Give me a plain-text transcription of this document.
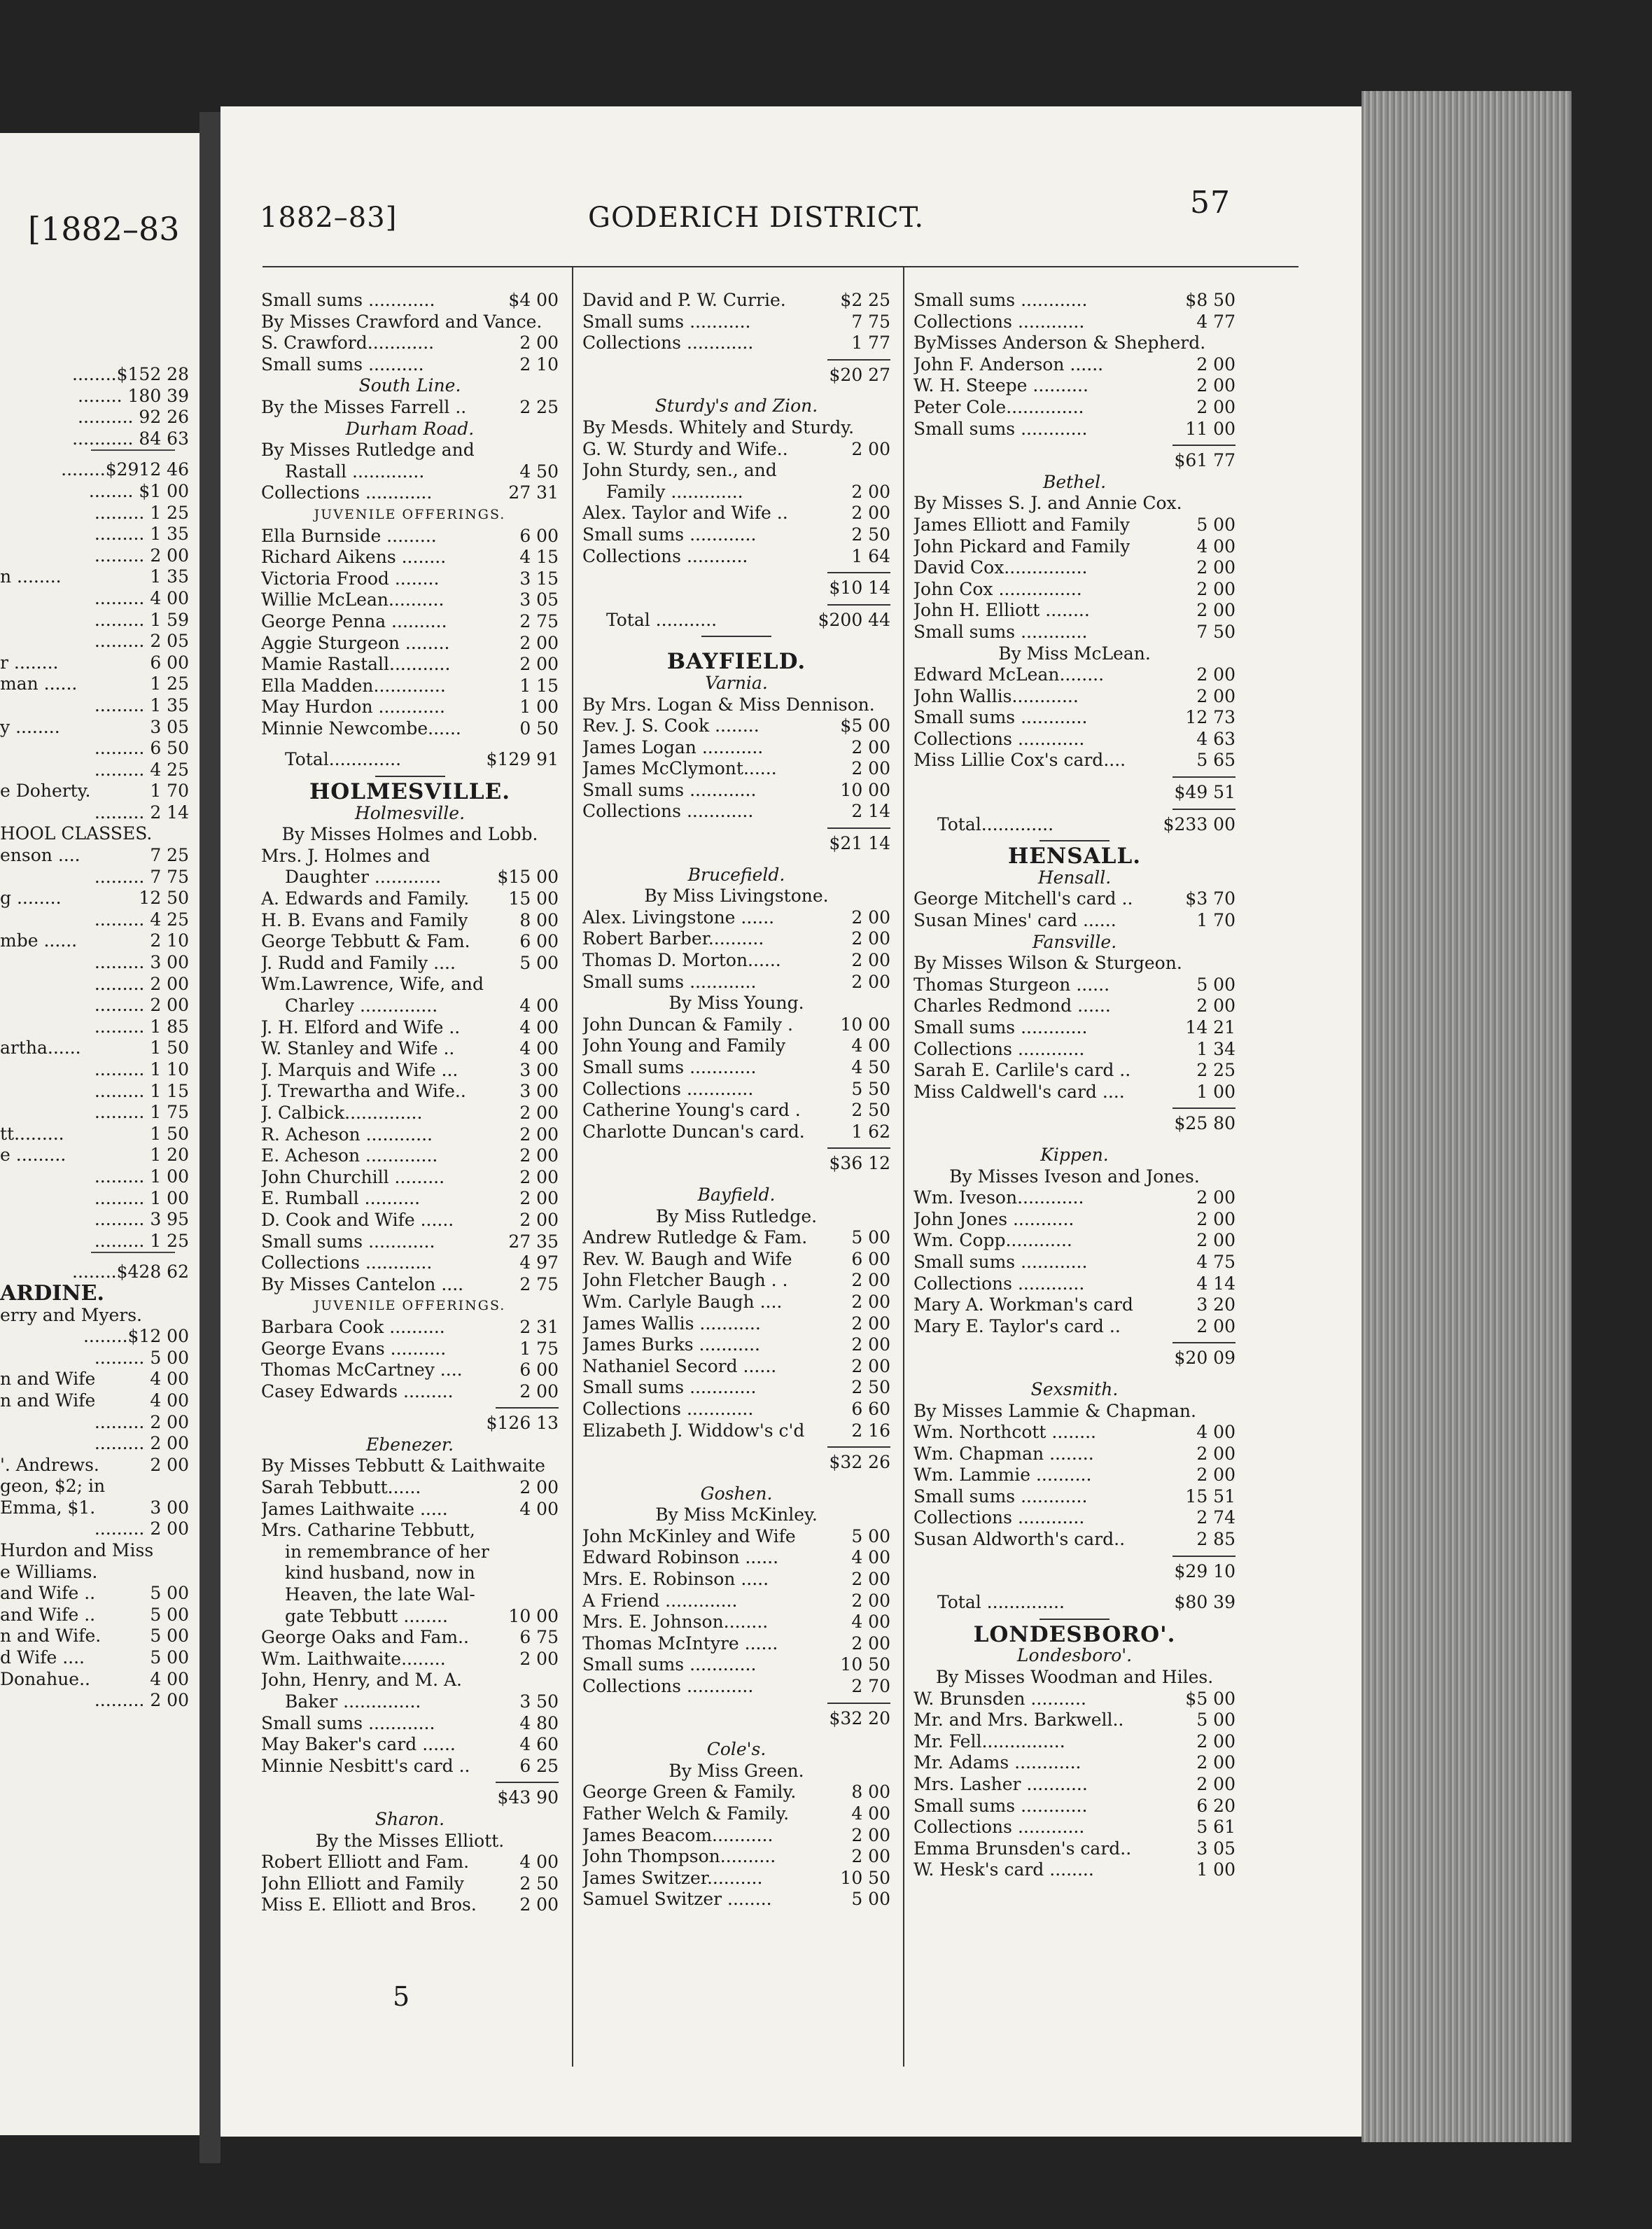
[1882–83
........$152 28
........ 180 39
.......... 92 26
........... 84 63
........$2912 46
........ $1 00
......... 1 25
......... 1 35
......... 2 00
n ........	1 35
......... 4 00
......... 1 59
......... 2 05
r ........	6 00
man ......	1 25
......... 1 35
y ........	3 05
......... 6 50
......... 4 25
e Doherty.	1 70
......... 2 14
HOOL CLASSES.
enson ....	7 25
......... 7 75
g ........	12 50
......... 4 25
mbe ......	2 10
......... 3 00
......... 2 00
......... 2 00
......... 1 85
artha......	1 50
......... 1 10
......... 1 15
......... 1 75
tt.........	1 50
e .........	1 20
......... 1 00
......... 1 00
......... 3 95
......... 1 25
........$428 62
ARDINE.
erry and Myers.
........$12 00
......... 5 00
n and Wife	4 00
n and Wife	4 00
......... 2 00
......... 2 00
'. Andrews.	2 00
geon, $2; in
Emma, $1.	3 00
......... 2 00
Hurdon and Miss
e Williams.
and Wife ..	5 00
and Wife ..	5 00
n and Wife.	5 00
d Wife ....	5 00
Donahue..	4 00
......... 2 00
1882–83]	GODERICH DISTRICT.	57
Small sums ............	$4 00
By Misses Crawford and Vance.
S. Crawford............	2 00
Small sums ..........	2 10
South Line.
By the Misses Farrell ..	2 25
Durham Road.
By Misses Rutledge and
Rastall .............	4 50
Collections ............	27 31
JUVENILE OFFERINGS.
Ella Burnside .........	6 00
Richard Aikens ........	4 15
Victoria Frood ........	3 15
Willie McLean..........	3 05
George Penna ..........	2 75
Aggie Sturgeon ........	2 00
Mamie Rastall...........	2 00
Ella Madden.............	1 15
May Hurdon ............	1 00
Minnie Newcombe......	0 50
Total.............	$129 91
HOLMESVILLE.
Holmesville.
By Misses Holmes and Lobb.
Mrs. J. Holmes and
Daughter ............	$15 00
A. Edwards and Family. 15 00
H. B. Evans and Family	8 00
George Tebbutt & Fam.	6 00
J. Rudd and Family ....	5 00
Wm.Lawrence, Wife, and
Charley ..............	4 00
J. H. Elford and Wife ..	4 00
W. Stanley and Wife ..	4 00
J. Marquis and Wife ...	3 00
J. Trewartha and Wife..	3 00
J. Calbick..............	2 00
R. Acheson ............	2 00
E. Acheson .............	2 00
John Churchill .........	2 00
E. Rumball ..........	2 00
D. Cook and Wife ......	2 00
Small sums ............	27 35
Collections ............	4 97
By Misses Cantelon ....	2 75
JUVENILE OFFERINGS.
Barbara Cook ..........	2 31
George Evans ..........	1 75
Thomas McCartney ....	6 00
Casey Edwards .........	2 00
$126 13
Ebenezer.
By Misses Tebbutt & Laithwaite
Sarah Tebbutt......	2 00
James Laithwaite .....	4 00
Mrs. Catharine Tebbutt,
in remembrance of her
kind husband, now in
Heaven, the late Wal-
gate Tebbutt ........	10 00
George Oaks and Fam..	6 75
Wm. Laithwaite........	2 00
John, Henry, and M. A.
Baker ..............	3 50
Small sums ............	4 80
May Baker's card ......	4 60
Minnie Nesbitt's card ..	6 25
$43 90
Sharon.
By the Misses Elliott.
Robert Elliott and Fam.	4 00
John Elliott and Family	2 50
Miss E. Elliott and Bros. 2 00
David and P. W. Currie.	$2 25
Small sums ...........	7 75
Collections ............	1 77
$20 27
Sturdy's and Zion.
By Mesds. Whitely and Sturdy.
G. W. Sturdy and Wife..	2 00
John Sturdy, sen., and
Family .............	2 00
Alex. Taylor and Wife ..	2 00
Small sums ............	2 50
Collections ...........	1 64
$10 14
Total ...........	$200 44
BAYFIELD.
Varnia.
By Mrs. Logan & Miss Dennison.
Rev. J. S. Cook ........	$5 00
James Logan ...........	2 00
James McClymont......	2 00
Small sums ............	10 00
Collections ............	2 14
$21 14
Brucefield.
By Miss Livingstone.
Alex. Livingstone ......	2 00
Robert Barber..........	2 00
Thomas D. Morton......	2 00
Small sums ............	2 00
By Miss Young.
John Duncan & Family .	10 00
John Young and Family	4 00
Small sums ............	4 50
Collections ............	5 50
Catherine Young's card .	2 50
Charlotte Duncan's card.	1 62
$36 12
Bayfield.
By Miss Rutledge.
Andrew Rutledge & Fam.	5 00
Rev. W. Baugh and Wife	6 00
John Fletcher Baugh . .	2 00
Wm. Carlyle Baugh ....	2 00
James Wallis ...........	2 00
James Burks ...........	2 00
Nathaniel Secord ......	2 00
Small sums ............	2 50
Collections ............	6 60
Elizabeth J. Widdow's c'd	2 16
$32 26
Goshen.
By Miss McKinley.
John McKinley and Wife	5 00
Edward Robinson ......	4 00
Mrs. E. Robinson .....	2 00
A Friend .............	2 00
Mrs. E. Johnson........	4 00
Thomas McIntyre ......	2 00
Small sums ............	10 50
Collections ............	2 70
$32 20
Cole's.
By Miss Green.
George Green & Family.	8 00
Father Welch & Family.	4 00
James Beacom...........	2 00
John Thompson..........	2 00
James Switzer..........	10 50
Samuel Switzer ........	5 00
Small sums ............	$8 50
Collections ............	4 77
ByMisses Anderson & Shepherd.
John F. Anderson ......	2 00
W. H. Steepe ..........	2 00
Peter Cole..............	2 00
Small sums ............	11 00
$61 77
Bethel.
By Misses S. J. and Annie Cox.
James Elliott and Family	5 00
John Pickard and Family	4 00
David Cox...............	2 00
John Cox ...............	2 00
John H. Elliott ........	2 00
Small sums ............	7 50
By Miss McLean.
Edward McLean........	2 00
John Wallis............	2 00
Small sums ............	12 73
Collections ............	4 63
Miss Lillie Cox's card....	5 65
$49 51
Total.............	$233 00
HENSALL.
Hensall.
George Mitchell's card ..	$3 70
Susan Mines' card ......	1 70
Fansville.
By Misses Wilson & Sturgeon.
Thomas Sturgeon ......	5 00
Charles Redmond ......	2 00
Small sums ............	14 21
Collections ............	1 34
Sarah E. Carlile's card ..	2 25
Miss Caldwell's card ....	1 00
$25 80
Kippen.
By Misses Iveson and Jones.
Wm. Iveson............	2 00
John Jones ...........	2 00
Wm. Copp............	2 00
Small sums ............	4 75
Collections ............	4 14
Mary A. Workman's card	3 20
Mary E. Taylor's card ..	2 00
$20 09
Sexsmith.
By Misses Lammie & Chapman.
Wm. Northcott ........	4 00
Wm. Chapman ........	2 00
Wm. Lammie ..........	2 00
Small sums ............	15 51
Collections ............	2 74
Susan Aldworth's card..	2 85
$29 10
Total ..............	$80 39
LONDESBORO'.
Londesboro'.
By Misses Woodman and Hiles.
W. Brunsden ..........	$5 00
Mr. and Mrs. Barkwell..	5 00
Mr. Fell...............	2 00
Mr. Adams ............	2 00
Mrs. Lasher ...........	2 00
Small sums ............	6 20
Collections ............	5 61
Emma Brunsden's card..	3 05
W. Hesk's card ........	1 00
5
